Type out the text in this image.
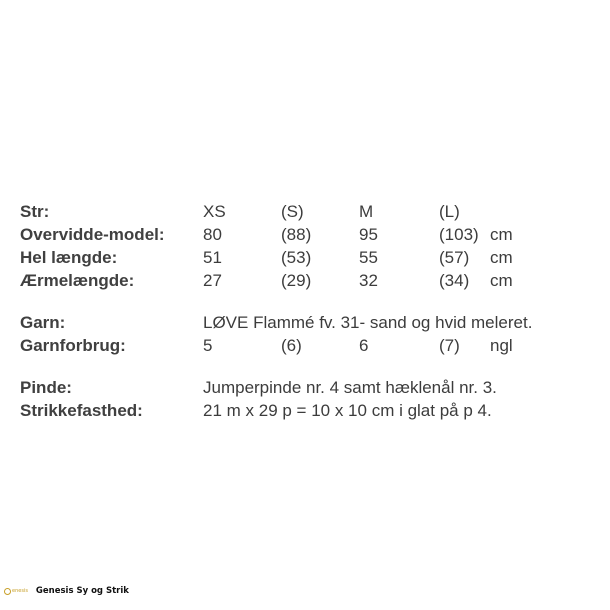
Str:	XS	(S)	M	(L)
Overvidde-model: 80	(88)	95	(103) cm
Hel længde:	51	(53)	55	(57) cm
Ærmelængde:	27	(29)	32	(34) cm
Garn:	LØVE Flammé fv. 31- sand og hvid meleret.
Garnforbrug:	5	(6)	6	(7) ngl
Pinde:	Jumperpinde nr. 4 samt hæklenål nr. 3.
Strikkefasthed:	21 m x 29 p = 10 x 10 cm i glat på p 4.
enesis Genesis Sy og Strik
